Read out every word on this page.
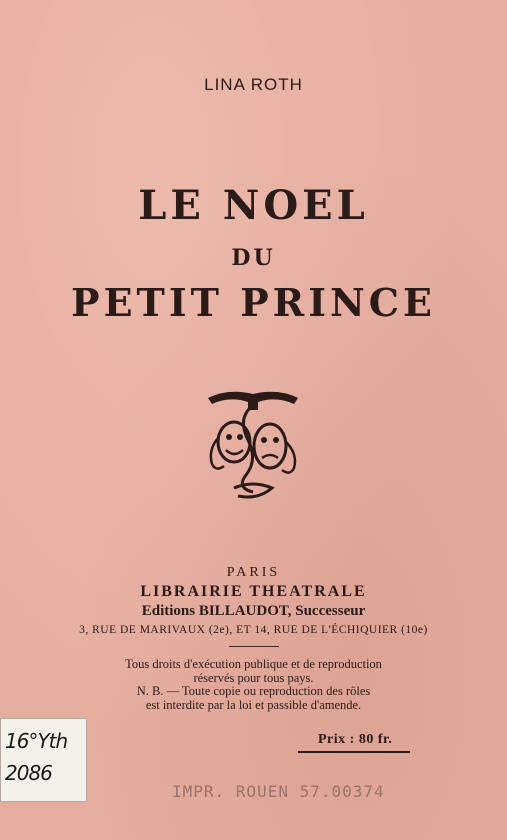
LINA ROTH
LE NOEL
DU
PETIT PRINCE
PARIS
LIBRAIRIE THEATRALE
Editions BILLAUDOT, Successeur
3, RUE DE MARIVAUX (2e), ET 14, RUE DE L'ÉCHIQUIER (10e)
Tous droits d'exécution publique et de reproduction
réservés pour tous pays.
N. B. — Toute copie ou reproduction des rôles
est interdite par la loi et passible d'amende.
Prix : 80 fr.
16°Yth
2086
IMPR. ROUEN 57.00374
